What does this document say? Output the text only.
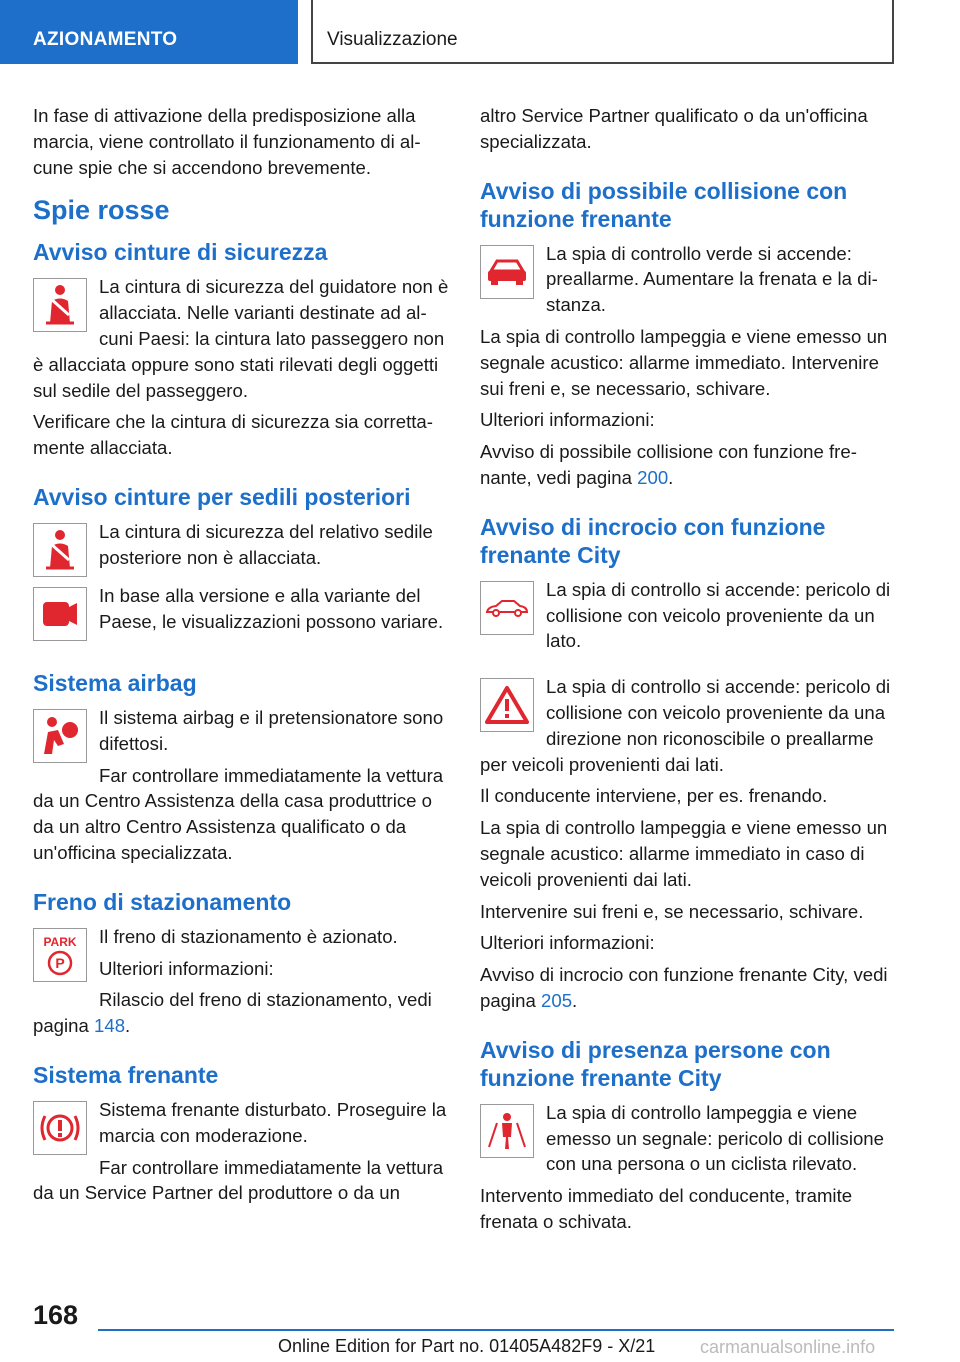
AZIONAMENTO	Visualizzazione

In fase di attivazione della predisposizione alla marcia, viene controllato il funzionamento di alcune spie che si accendono brevemente.

Spie rosse
Avviso cinture di sicurezza

La cintura di sicurezza del guidatore non è allacciata. Nelle varianti destinate ad alcuni Paesi: la cintura lato passeggero non è allacciata oppure sono stati rilevati degli oggetti sul sedile del passeggero.

Verificare che la cintura di sicurezza sia correttamente allacciata.

Avviso cinture per sedili posteriori

La cintura di sicurezza del relativo sedile posteriore non è allacciata.

In base alla versione e alla variante del Paese, le visualizzazioni possono variare.

Sistema airbag

Il sistema airbag e il pretensionatore sono difettosi.

Far controllare immediatamente la vettura da un Centro Assistenza della casa produttrice o da un altro Centro Assistenza qualificato o da un'officina specializzata.

Freno di stazionamento
PARK
P

Il freno di stazionamento è azionato.

Ulteriori informazioni:

Rilascio del freno di stazionamento, vedi pagina 148.

Sistema frenante

Sistema frenante disturbato. Proseguire la marcia con moderazione.

Far controllare immediatamente la vettura da un Service Partner del produttore o da un

altro Service Partner qualificato o da un'officina specializzata.

Avviso di possibile collisione con funzione frenante

La spia di controllo verde si accende: preallarme. Aumentare la frenata e la distanza.

La spia di controllo lampeggia e viene emesso un segnale acustico: allarme immediato. Intervenire sui freni e, se necessario, schivare.

Ulteriori informazioni:

Avviso di possibile collisione con funzione frenante, vedi pagina 200.

Avviso di incrocio con funzione frenante City

La spia di controllo si accende: pericolo di collisione con veicolo proveniente da un lato.

La spia di controllo si accende: pericolo di collisione con veicolo proveniente da una direzione non riconoscibile o preallarme per veicoli provenienti dai lati.

Il conducente interviene, per es. frenando.

La spia di controllo lampeggia e viene emesso un segnale acustico: allarme immediato in caso di veicoli provenienti dai lati.

Intervenire sui freni e, se necessario, schivare.

Ulteriori informazioni:

Avviso di incrocio con funzione frenante City, vedi pagina 205.

Avviso di presenza persone con funzione frenante City

La spia di controllo lampeggia e viene emesso un segnale: pericolo di collisione con una persona o un ciclista rilevato.

Intervento immediato del conducente, tramite frenata o schivata.

168
Online Edition for Part no. 01405A482F9 - X/21 carmanualsonline.info
